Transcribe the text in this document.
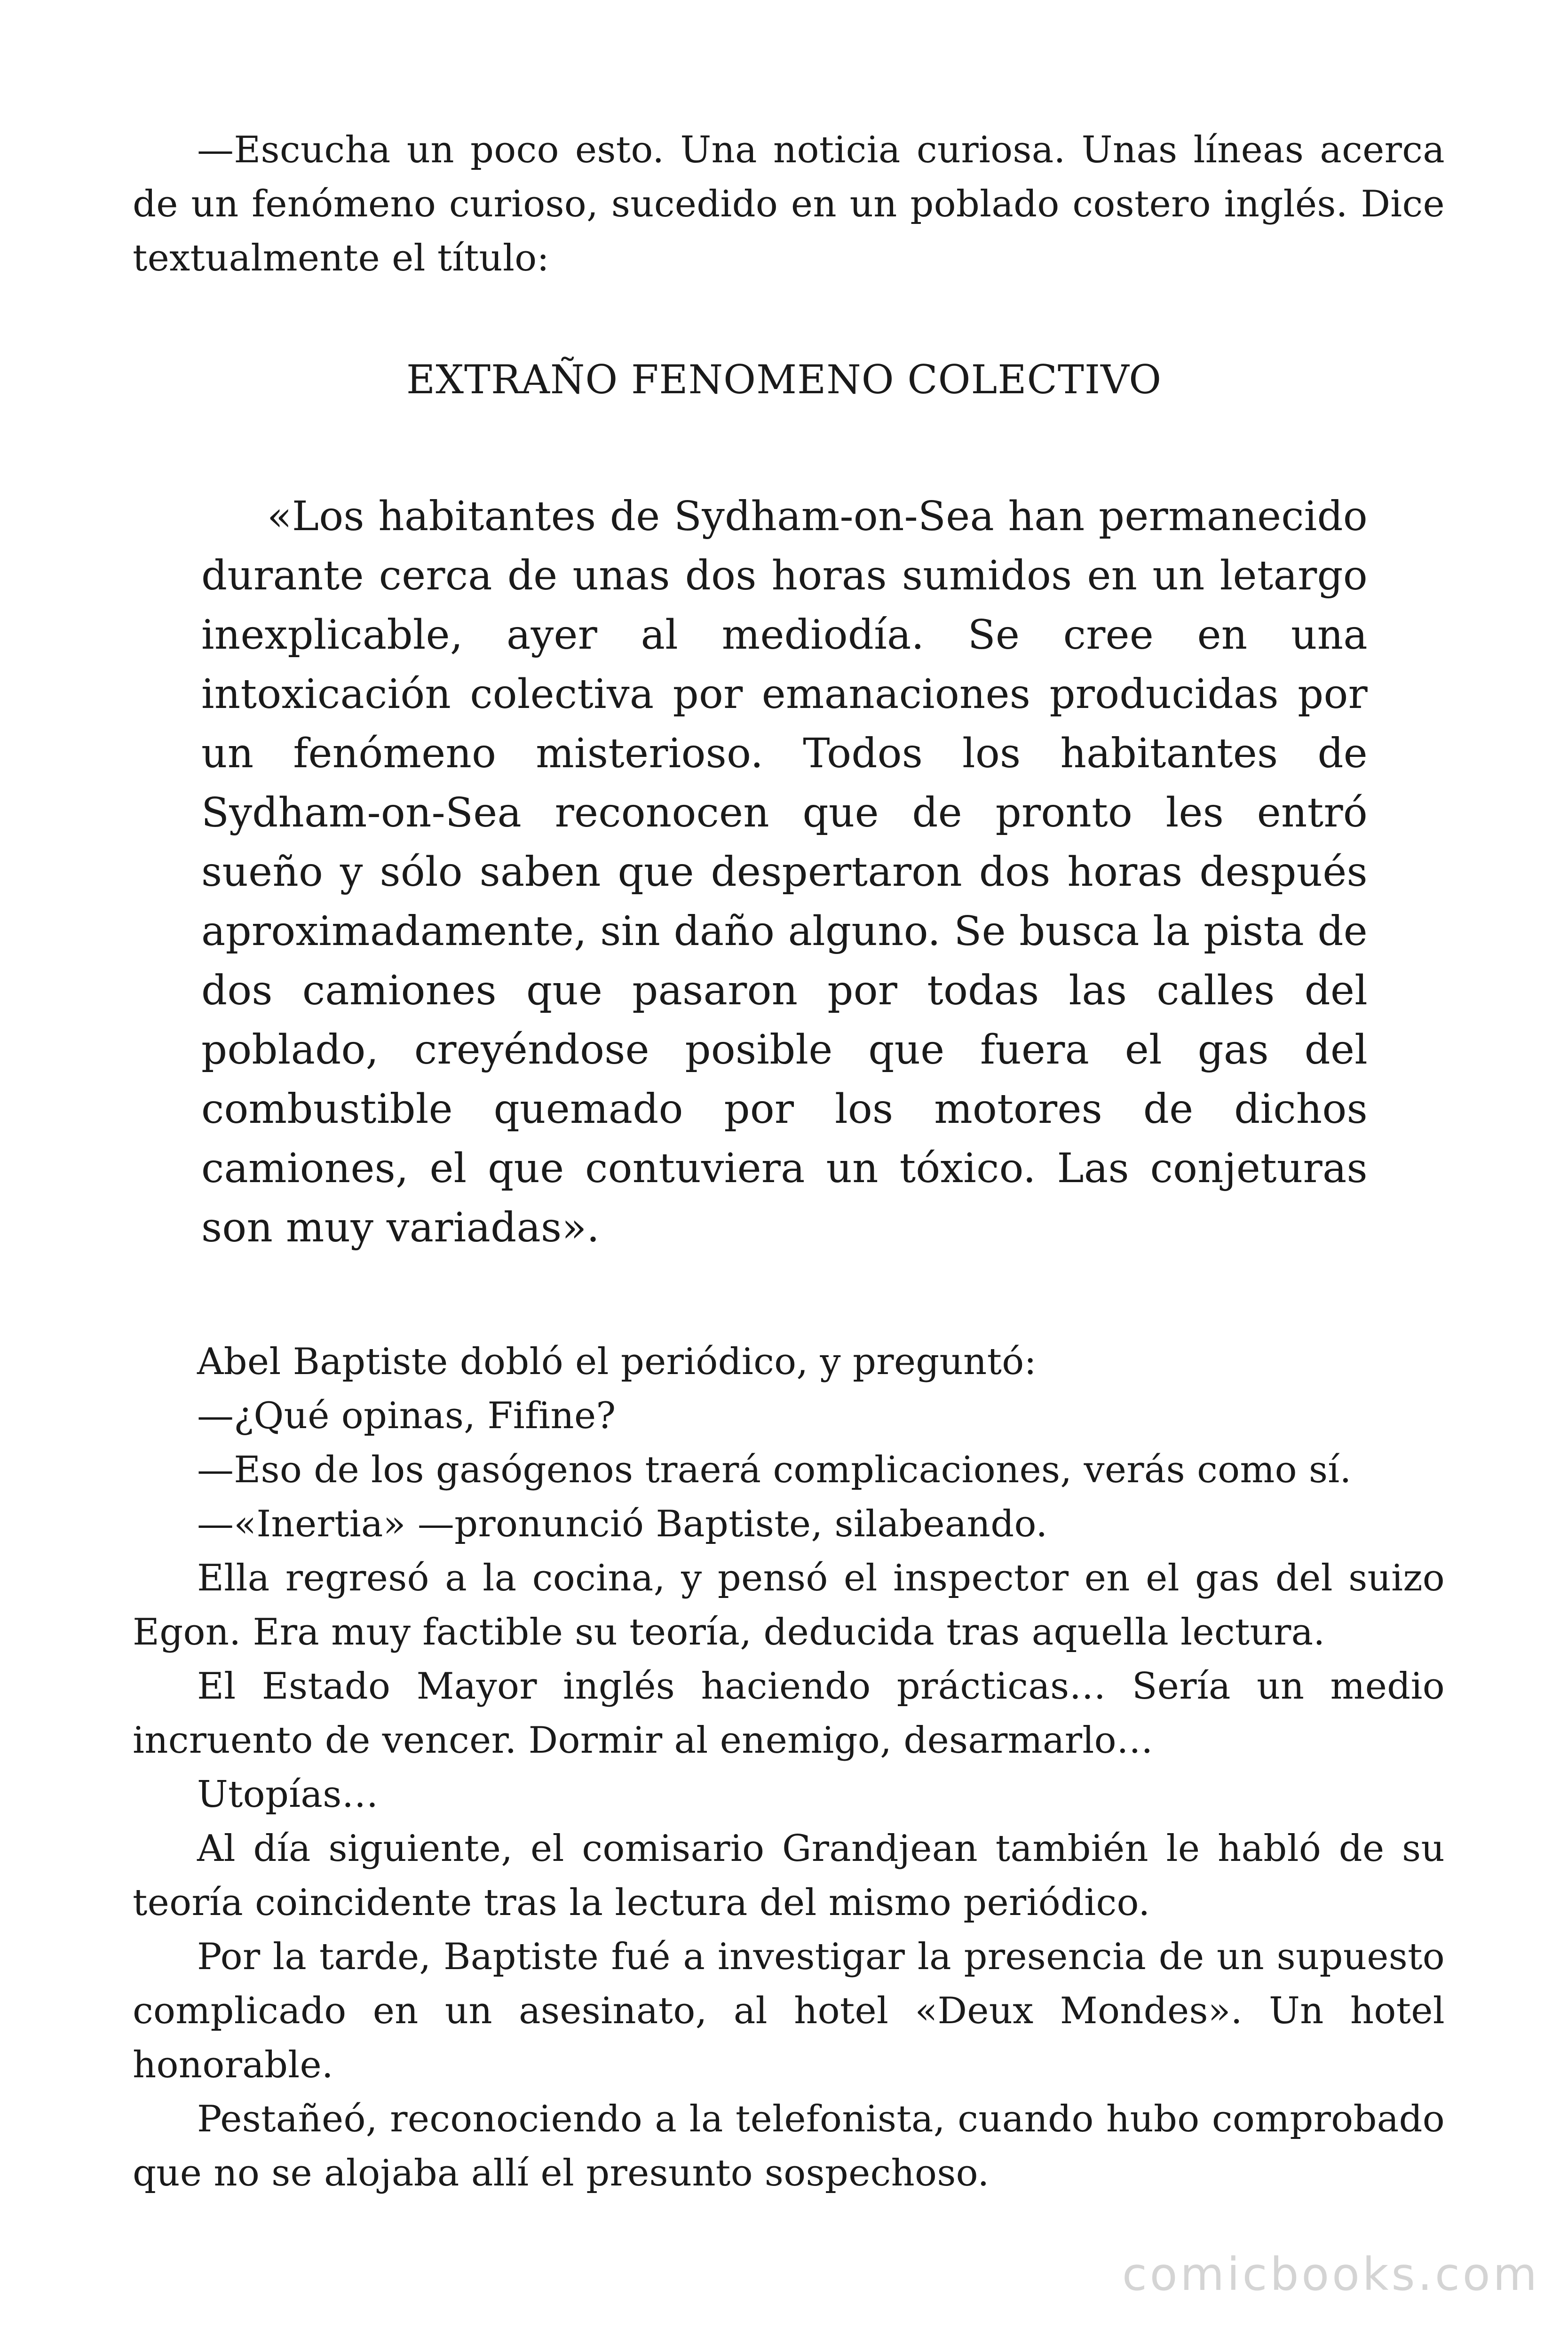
—Escucha un poco esto. Una noticia curiosa. Unas líneas acerca de un fenómeno curioso, sucedido en un poblado costero inglés. Dice textualmente el título:

EXTRAÑO FENOMENO COLECTIVO

«Los habitantes de Sydham-on-Sea han permanecido durante cerca de unas dos horas sumidos en un letargo inexplicable, ayer al mediodía. Se cree en una intoxicación colectiva por emanaciones producidas por un fenómeno misterioso. Todos los habitantes de Sydham-on-Sea reconocen que de pronto les entró sueño y sólo saben que despertaron dos horas después aproximadamente, sin daño alguno. Se busca la pista de dos camiones que pasaron por todas las calles del poblado, creyéndose posible que fuera el gas del combustible quemado por los motores de dichos camiones, el que contuviera un tóxico. Las conjeturas son muy variadas».

Abel Baptiste dobló el periódico, y preguntó:

—¿Qué opinas, Fifine?

—Eso de los gasógenos traerá complicaciones, verás como sí.

—«Inertia» —pronunció Baptiste, silabeando.

Ella regresó a la cocina, y pensó el inspector en el gas del suizo Egon. Era muy factible su teoría, deducida tras aquella lectura.

El Estado Mayor inglés haciendo prácticas… Sería un medio incruento de vencer. Dormir al enemigo, desarmarlo…

Utopías…

Al día siguiente, el comisario Grandjean también le habló de su teoría coincidente tras la lectura del mismo periódico.

Por la tarde, Baptiste fué a investigar la presencia de un supuesto complicado en un asesinato, al hotel «Deux Mondes». Un hotel honorable.

Pestañeó, reconociendo a la telefonista, cuando hubo comprobado que no se alojaba allí el presunto sospechoso.

comicbooks.com
